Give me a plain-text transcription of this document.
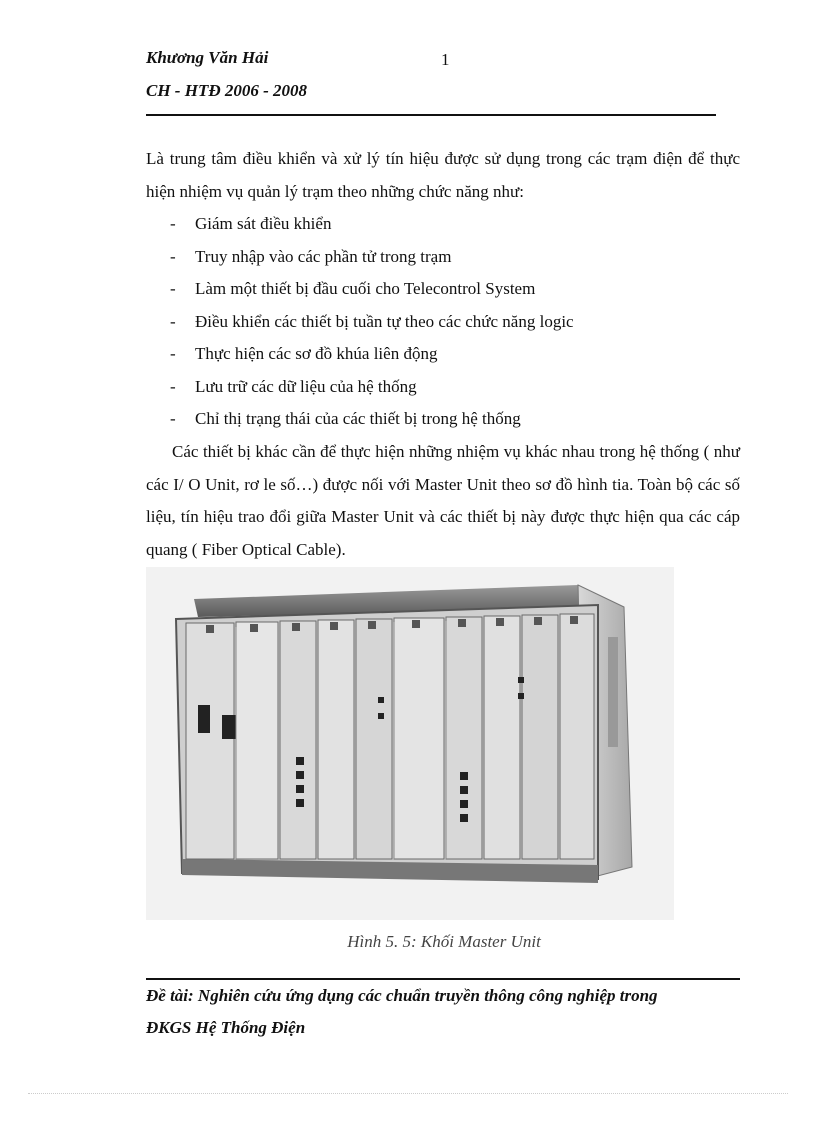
Khương Văn Hải	1
CH - HTĐ 2006 - 2008

Là trung tâm điều khiển và xử lý tín hiệu được sử dụng trong các trạm điện để thực hiện nhiệm vụ quản lý trạm theo những chức năng như:

- Giám sát điều khiển
- Truy nhập vào các phần tử trong trạm
- Làm một thiết bị đầu cuối cho Telecontrol System
- Điều khiển các thiết bị tuần tự theo các chức năng logic
- Thực hiện các sơ đồ khúa liên động
- Lưu trữ các dữ liệu của hệ thống
- Chỉ thị trạng thái của các thiết bị trong hệ thống

Các thiết bị khác cần để thực hiện những nhiệm vụ khác nhau trong hệ thống ( như các I/ O Unit, rơ le số…) được nối với Master Unit theo sơ đồ hình tia. Toàn bộ các số liệu, tín hiệu trao đổi giữa Master Unit và các thiết bị này được thực hiện qua các cáp quang ( Fiber Optical Cable).

Hình 5. 5: Khối Master Unit
Đề tài: Nghiên cứu ứng dụng các chuẩn truyền thông công nghiệp trong
ĐKGS Hệ Thống Điện
